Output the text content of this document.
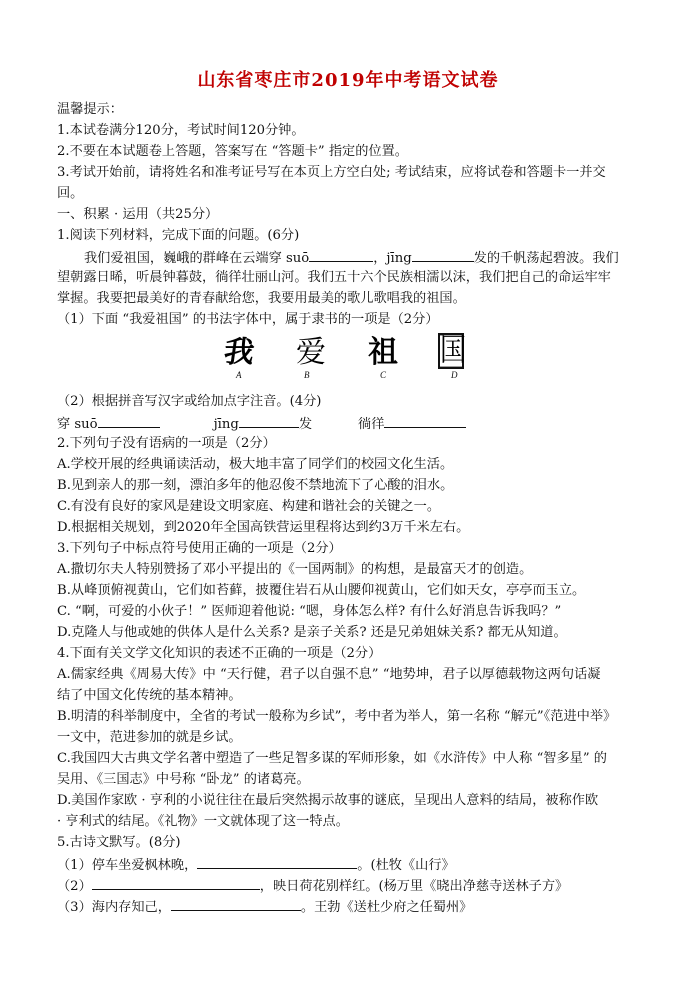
山东省枣庄市2019年中考语文试卷
温馨提示：
1.本试卷满分120分，考试时间120分钟。
2.不要在本试题卷上答题，答案写在 “答题卡” 指定的位置。
3.考试开始前，请将姓名和准考证号写在本页上方空白处; 考试结束，应将试卷和答题卡一并交
回。
一、积累 · 运用（共25分）
1.阅读下列材料，完成下面的问题。(6分)
我们爱祖国，巍峨的群峰在云端穿 suō	，jīng	发的千帆荡起碧波。我们
望朝露日晞，听晨钟暮鼓，徜徉壮丽山河。我们五十六个民族相濡以沫，我们把自己的命运牢牢
掌握。我要把最美好的青春献给您，我要用最美的歌儿歌唱我的祖国。
（1）下面 “我爱祖国” 的书法字体中，属于隶书的一项是（2分）
我 爱 祖 国
A	B	C	D
（2）根据拼音写汉字或给加点字注音。(4分)
穿 suō	jīng	发	徜徉
2.下列句子没有语病的一项是（2分）
A.学校开展的经典诵读活动，极大地丰富了同学们的校园文化生活。
B.见到亲人的那一刻，漂泊多年的他忍俊不禁地流下了心酸的泪水。
C.有没有良好的家风是建设文明家庭、构建和谐社会的关键之一。
D.根据相关规划，到2020年全国高铁营运里程将达到约3万千米左右。
3.下列句子中标点符号使用正确的一项是（2分）
A.撒切尔夫人特别赞扬了邓小平提出的《一国两制》的构想，是最富天才的创造。
B.从峰顶俯视黄山，它们如苔藓，披覆住岩石从山腰仰视黄山，它们如天女，亭亭而玉立。
C. “啊，可爱的小伙子！” 医师迎着他说: “嗯，身体怎么样? 有什么好消息告诉我吗？”
D.克隆人与他或她的供体人是什么关系? 是亲子关系? 还是兄弟姐妹关系? 都无从知道。
4.下面有关文学文化知识的表述不正确的一项是（2分）
A.儒家经典《周易大传》中 “天行健，君子以自强不息” “地势坤，君子以厚德载物这两句话凝
结了中国文化传统的基本精神。
B.明清的科举制度中，全省的考试一般称为乡试”，考中者为举人，第一名称 “解元”《范进中举》
一文中，范进参加的就是乡试。
C.我国四大古典文学名著中塑造了一些足智多谋的军师形象，如《水浒传》中人称 “智多星” 的
吴用、《三国志》中号称 “卧龙” 的诸葛亮。
D.美国作家欧 · 亨利的小说往往在最后突然揭示故事的谜底，呈现出人意料的结局，被称作欧
· 亨利式的结尾。《礼物》一文就体现了这一特点。
5.古诗文默写。(8分)
（1）停车坐爱枫林晚，	。(杜牧《山行》
（2）	，映日荷花别样红。(杨万里《晓出净慈寺送林子方》
（3）海内存知己，	。王勃《送杜少府之任蜀州》
